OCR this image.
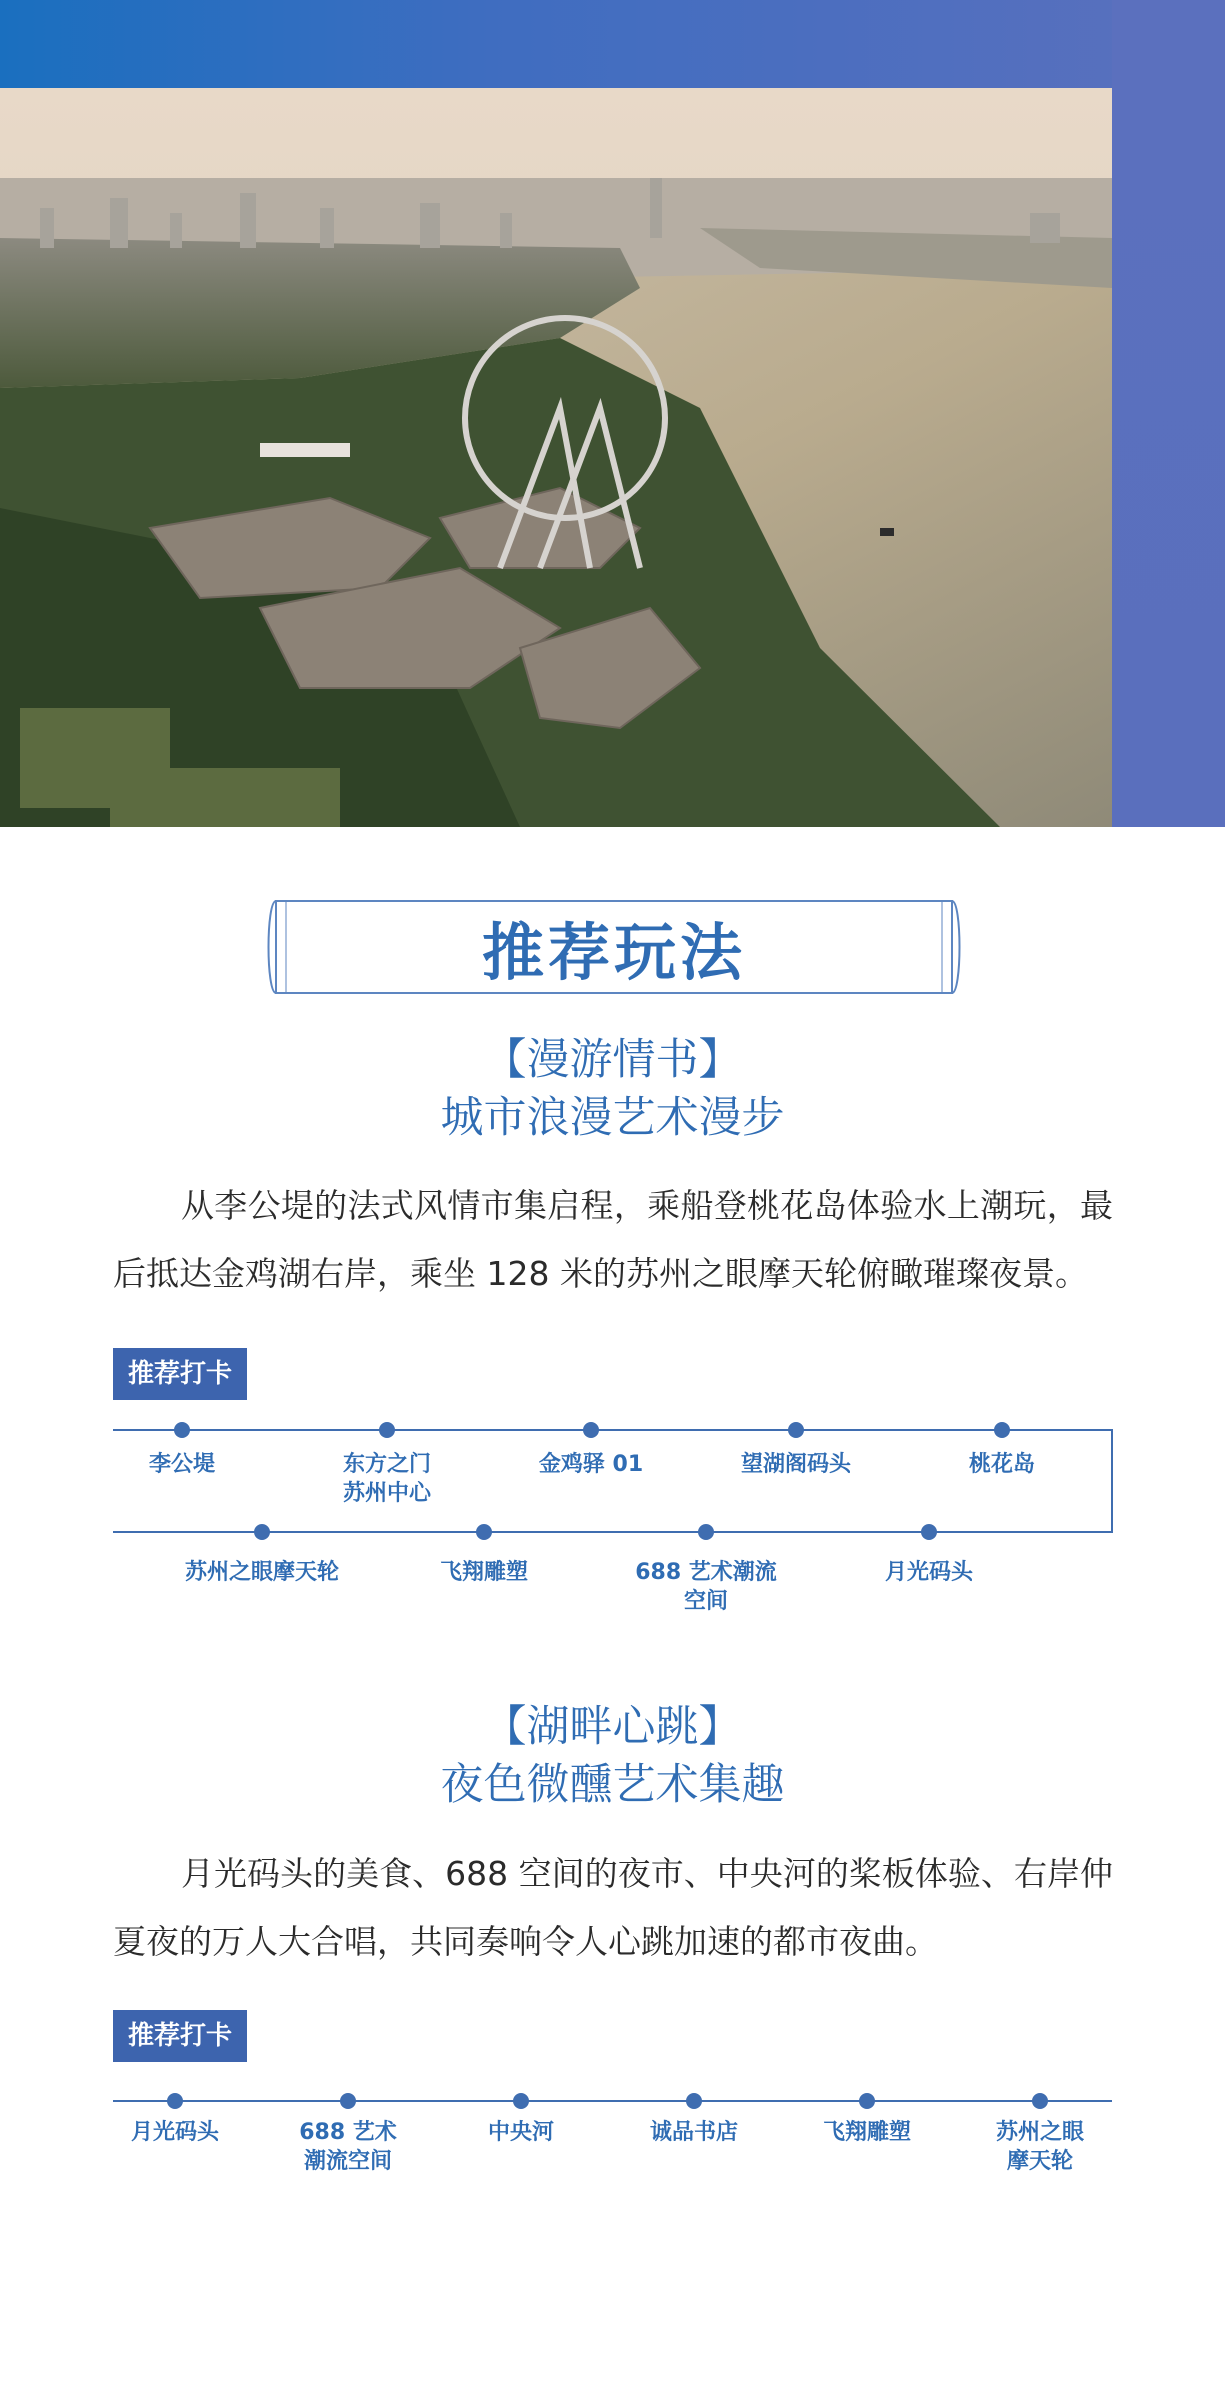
推荐玩法
【漫游情书】
城市浪漫艺术漫步
从李公堤的法式风情市集启程，乘船登桃花岛体验水上潮玩，最后抵达金鸡湖右岸，乘坐 128 米的苏州之眼摩天轮俯瞰璀璨夜景。
推荐打卡
李公堤	东方之门
苏州中心
金鸡驿 01	望湖阁码头	桃花岛
苏州之眼摩天轮	飞翔雕塑	688 艺术潮流
空间
月光码头
【湖畔心跳】
夜色微醺艺术集趣
月光码头的美食、688 空间的夜市、中央河的桨板体验、右岸仲夏夜的万人大合唱，共同奏响令人心跳加速的都市夜曲。
推荐打卡
月光码头	688 艺术
潮流空间
中央河	诚品书店	飞翔雕塑	苏州之眼
摩天轮
